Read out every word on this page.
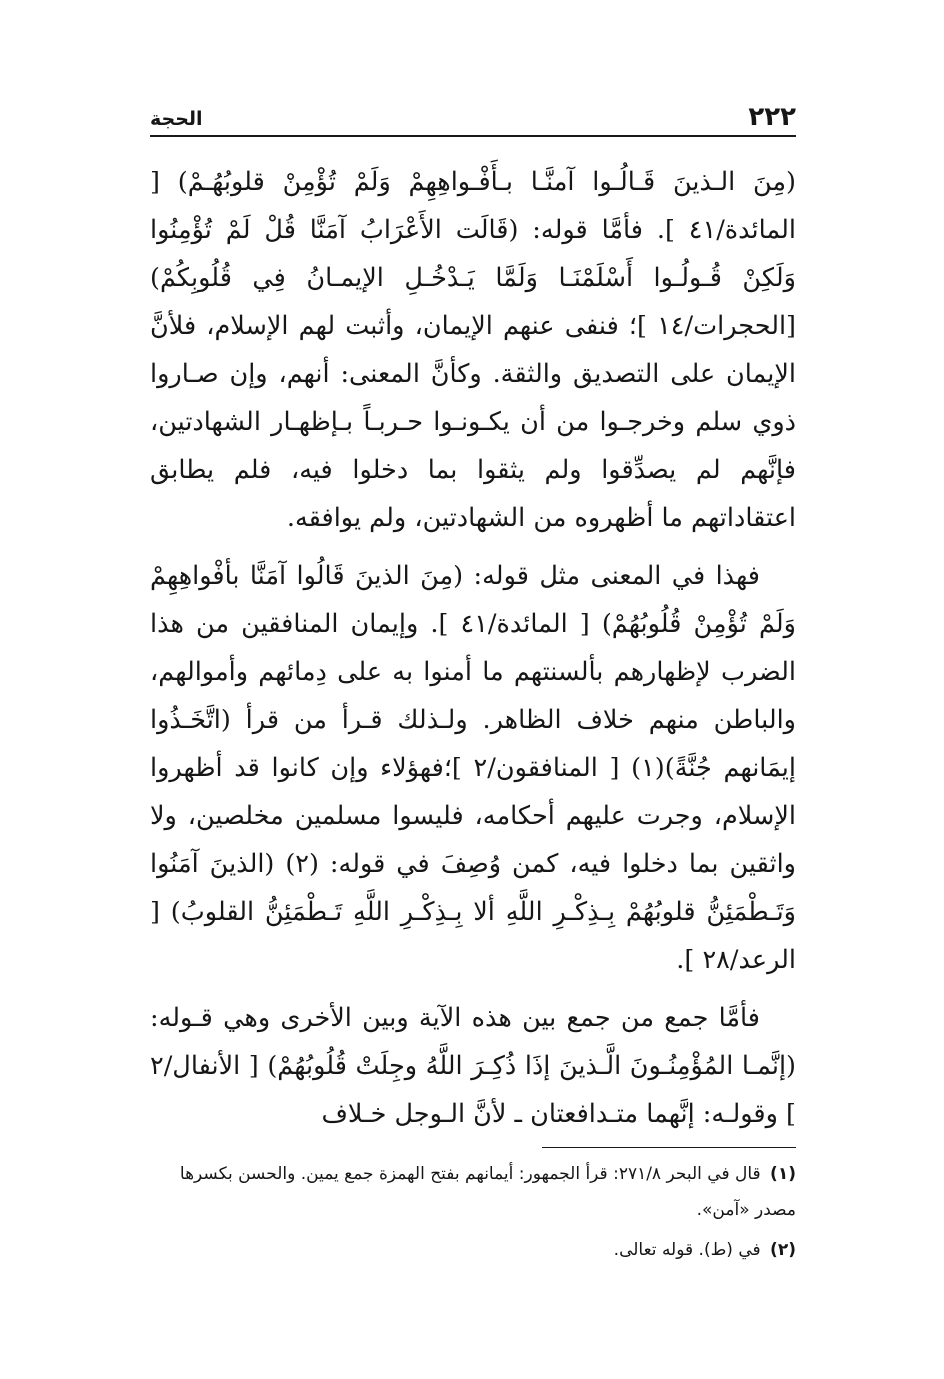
٢٢٢
الحجة

(مِنَ الـذينَ قَـالُـوا آمنَّـا بـأَفْـواهِهِمْ وَلَمْ تُؤْمِنْ قلوبُهُـمْ) [ المائدة/٤١ ]. فأمَّا قوله: (قَالَت الأَعْرَابُ آمَنَّا قُلْ لَمْ تُؤْمِنُوا وَلَكِنْ قُـولُـوا أَسْلَمْنَـا وَلَمَّا يَـدْخُـلِ الإيمـانُ فِي قُلُوبِكُمْ) [الحجرات/١٤ ]؛ فنفى عنهم الإيمان، وأثبت لهم الإسلام، فلأنَّ الإيمان على التصديق والثقة. وكأنَّ المعنى: أنهم، وإن صـاروا ذوي سلم وخرجـوا من أن يكـونـوا حـربـاً بـإظهـار الشهادتين، فإنَّهم لم يصدِّقوا ولم يثقوا بما دخلوا فيه، فلم يطابق اعتقاداتهم ما أظهروه من الشهادتين، ولم يوافقه.

فهذا في المعنى مثل قوله: (مِنَ الذينَ قَالُوا آمَنَّا بأفْواهِهِمْ وَلَمْ تُؤْمِنْ قُلُوبُهُمْ) [ المائدة/٤١ ]. وإيمان المنافقين من هذا الضرب لإظهارهم بألسنتهم ما أمنوا به على دِمائهم وأموالهم، والباطن منهم خلاف الظاهر. ولـذلك قـرأ من قرأ (اتَّخَـذُوا إيمَانهم جُنَّةً)(١) [ المنافقون/٢ ]؛فهؤلاء وإن كانوا قد أظهروا الإسلام، وجرت عليهم أحكامه، فليسوا مسلمين مخلصين، ولا واثقين بما دخلوا فيه، كمن وُصِفَ في قوله: (٢) (الذينَ آمَنُوا وَتَـطْمَئِنُّ قلوبُهُمْ بِـذِكْـرِ اللَّهِ ألا بِـذِكْـرِ اللَّهِ تَـطْمَئِنُّ القلوبُ) [ الرعد/٢٨ ].

فأمَّا جمع من جمع بين هذه الآية وبين الأخرى وهي قـوله: (إنَّمـا المُؤْمِنُـونَ الَّـذينَ إذَا ذُكِـرَ اللَّهُ وجِلَتْ قُلُوبُهُمْ) [ الأنفال/٢ ] وقولـه: إنَّهما متـدافعتان ـ لأنَّ الـوجل خـلاف

(١) قال في البحر ٢٧١/٨: قرأ الجمهور: أيمانهم بفتح الهمزة جمع يمين. والحسن بكسرها مصدر «آمن».

(٢) في (ط). قوله تعالى.
